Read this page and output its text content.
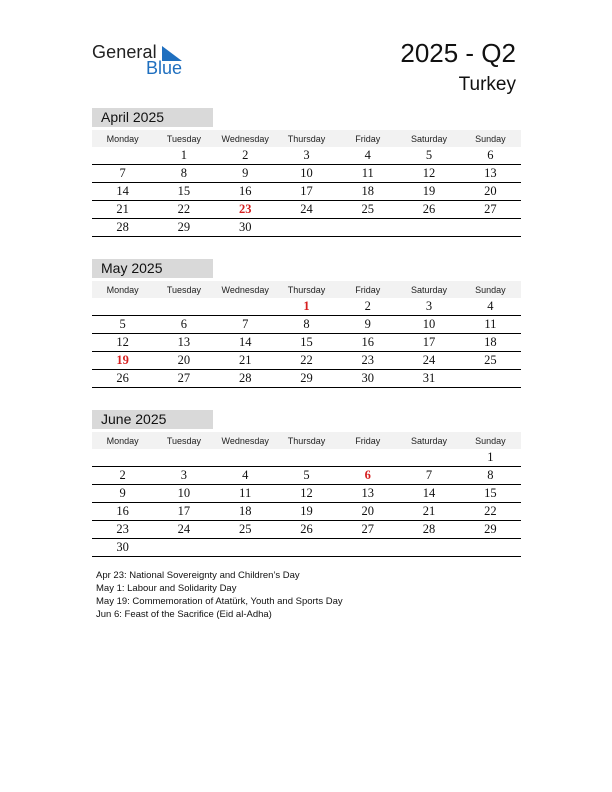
General
Blue	2025 - Q2
Turkey
April 2025
Monday	Tuesday	Wednesday	Thursday	Friday	Saturday	Sunday
	1	2	3	4	5	6
7	8	9	10	11	12	13
14	15	16	17	18	19	20
21	22	23	24	25	26	27
28	29	30				
May 2025
Monday	Tuesday	Wednesday	Thursday	Friday	Saturday	Sunday
			1	2	3	4
5	6	7	8	9	10	11
12	13	14	15	16	17	18
19	20	21	22	23	24	25
26	27	28	29	30	31	
June 2025
Monday	Tuesday	Wednesday	Thursday	Friday	Saturday	Sunday
						1
2	3	4	5	6	7	8
9	10	11	12	13	14	15
16	17	18	19	20	21	22
23	24	25	26	27	28	29
30						
Apr 23: National Sovereignty and Children’s Day
May 1: Labour and Solidarity Day
May 19: Commemoration of Atatürk, Youth and Sports Day
Jun 6: Feast of the Sacrifice (Eid al-Adha)
